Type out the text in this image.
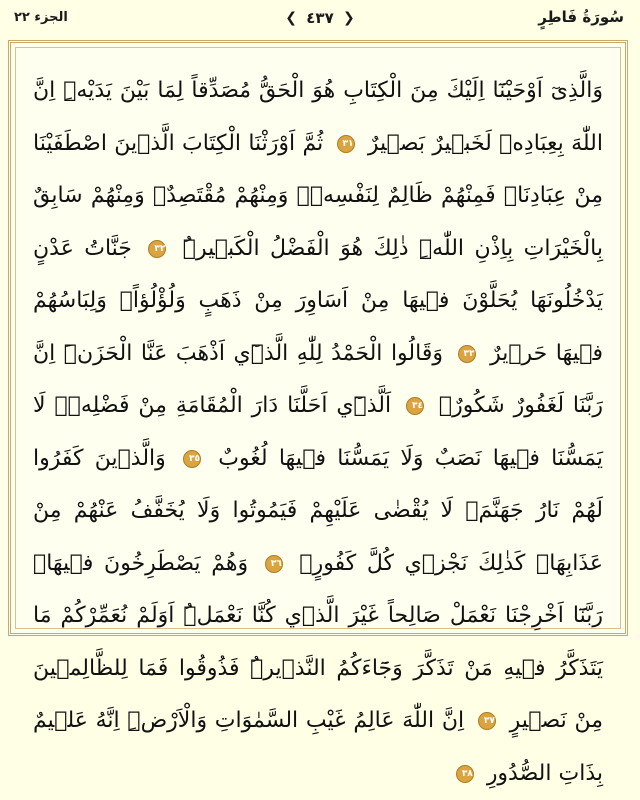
سُورَةُ فَاطِرٍ
❮ ٤٣٧ ❯
الجزء ٢٢
وَالَّذِىٓ اَوْحَيْنَٓا اِلَيْكَ مِنَ الْكِتَابِ هُوَ الْحَقُّ مُصَدِّقاً لِمَا بَيْنَ يَدَيْهِۜ اِنَّ اللّٰهَ بِعِبَادِه۪ لَخَب۪يرٌ بَص۪يرٌ ٣١ ثُمَّ اَوْرَثْنَا الْكِتَابَ الَّذ۪ينَ اصْطَفَيْنَا مِنْ عِبَادِنَاۚ فَمِنْهُمْ ظَالِمٌ لِنَفْسِه۪ۚ وَمِنْهُمْ مُقْتَصِدٌۚ وَمِنْهُمْ سَابِقٌ بِالْخَيْرَاتِ بِاِذْنِ اللّٰهِۜ ذٰلِكَ هُوَ الْفَضْلُ الْكَب۪يرُۜ ٣٢ جَنَّاتُ عَدْنٍ يَدْخُلُونَهَا يُحَلَّوْنَ ف۪يهَا مِنْ اَسَاوِرَ مِنْ ذَهَبٍ وَلُؤْلُؤاًۚ وَلِبَاسُهُمْ ف۪يهَا حَر۪يرٌ ٣٣ وَقَالُوا الْحَمْدُ لِلّٰهِ الَّذ۪ٓي اَذْهَبَ عَنَّا الْحَزَنَۜ اِنَّ رَبَّنَا لَغَفُورٌ شَكُورٌۙ ٣٤ اَلَّذ۪ٓي اَحَلَّنَا دَارَ الْمُقَامَةِ مِنْ فَضْلِه۪ۚ لَا يَمَسُّنَا ف۪يهَا نَصَبٌ وَلَا يَمَسُّنَا ف۪يهَا لُغُوبٌ ٣٥ وَالَّذ۪ينَ كَفَرُوا لَهُمْ نَارُ جَهَنَّمَۚ لَا يُقْضٰى عَلَيْهِمْ فَيَمُوتُوا وَلَا يُخَفَّفُ عَنْهُمْ مِنْ عَذَابِهَاۜ كَذٰلِكَ نَجْز۪ي كُلَّ كَفُورٍۚ ٣٦ وَهُمْ يَصْطَرِخُونَ ف۪يهَاۚ رَبَّنَٓا اَخْرِجْنَا نَعْمَلْ صَالِحاً غَيْرَ الَّذ۪ي كُنَّا نَعْمَلُۜ اَوَلَمْ نُعَمِّرْكُمْ مَا يَتَذَكَّرُ ف۪يهِ مَنْ تَذَكَّرَ وَجَٓاءَكُمُ النَّذ۪يرُۜ فَذُوقُوا فَمَا لِلظَّالِم۪ينَ مِنْ نَص۪يرٍ ٣٧ اِنَّ اللّٰهَ عَالِمُ غَيْبِ السَّمٰوَاتِ وَالْاَرْضِۜ اِنَّهُ عَل۪يمٌ بِذَاتِ الصُّدُورِ ٣٨
